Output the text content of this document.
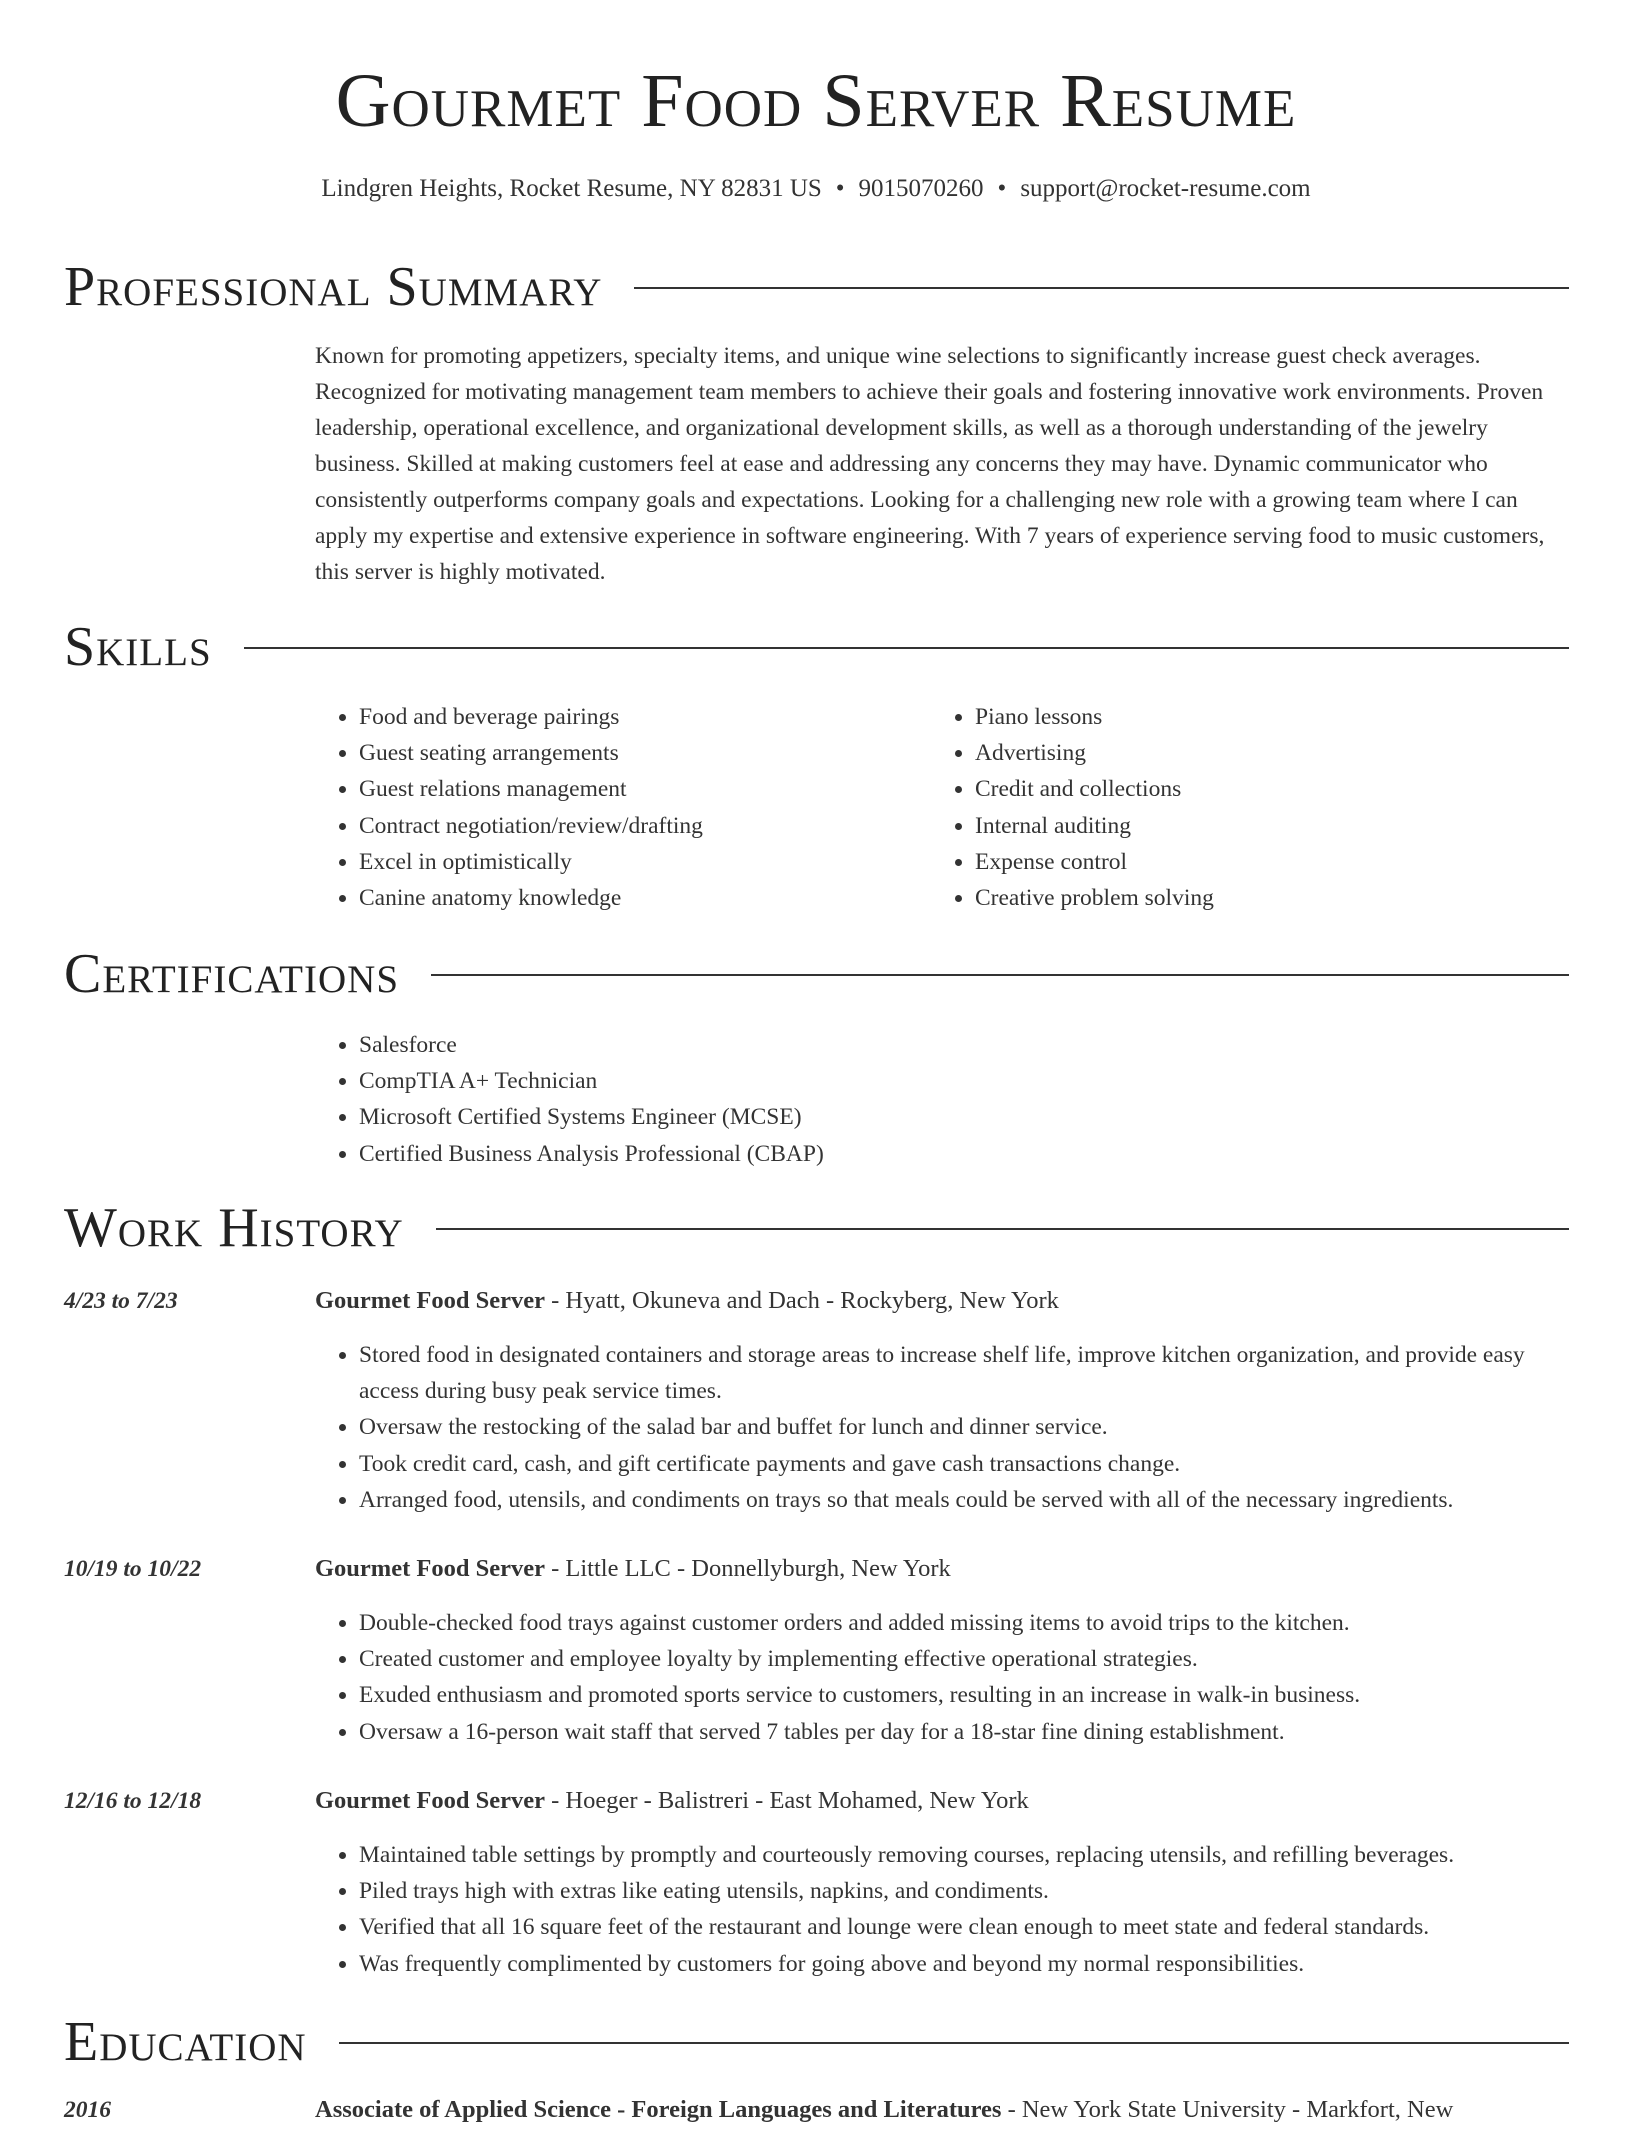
Gourmet Food Server Resume
Lindgren Heights, Rocket Resume, NY 82831 US • 9015070260 • support@rocket-resume.com
Professional Summary

Known for promoting appetizers, specialty items, and unique wine selections to significantly increase guest check averages. Recognized for motivating management team members to achieve their goals and fostering innovative work environments. Proven leadership, operational excellence, and organizational development skills, as well as a thorough understanding of the jewelry business. Skilled at making customers feel at ease and addressing any concerns they may have. Dynamic communicator who consistently outperforms company goals and expectations. Looking for a challenging new role with a growing team where I can apply my expertise and extensive experience in software engineering. With 7 years of experience serving food to music customers, this server is highly motivated.

Skills
• Food and beverage pairings
• Guest seating arrangements
• Guest relations management
• Contract negotiation/review/drafting
• Excel in optimistically
• Canine anatomy knowledge
• Piano lessons
• Advertising
• Credit and collections
• Internal auditing
• Expense control
• Creative problem solving
Certifications
• Salesforce
• CompTIA A+ Technician
• Microsoft Certified Systems Engineer (MCSE)
• Certified Business Analysis Professional (CBAP)
Work History
4/23 to 7/23	Gourmet Food Server - Hyatt, Okuneva and Dach - Rockyberg, New York
• Stored food in designated containers and storage areas to increase shelf life, improve kitchen organization, and provide easy access during busy peak service times.
• Oversaw the restocking of the salad bar and buffet for lunch and dinner service.
• Took credit card, cash, and gift certificate payments and gave cash transactions change.
• Arranged food, utensils, and condiments on trays so that meals could be served with all of the necessary ingredients.
10/19 to 10/22	Gourmet Food Server - Little LLC - Donnellyburgh, New York
• Double-checked food trays against customer orders and added missing items to avoid trips to the kitchen.
• Created customer and employee loyalty by implementing effective operational strategies.
• Exuded enthusiasm and promoted sports service to customers, resulting in an increase in walk-in business.
• Oversaw a 16-person wait staff that served 7 tables per day for a 18-star fine dining establishment.
12/16 to 12/18	Gourmet Food Server - Hoeger - Balistreri - East Mohamed, New York
• Maintained table settings by promptly and courteously removing courses, replacing utensils, and refilling beverages.
• Piled trays high with extras like eating utensils, napkins, and condiments.
• Verified that all 16 square feet of the restaurant and lounge were clean enough to meet state and federal standards.
• Was frequently complimented by customers for going above and beyond my normal responsibilities.
Education
2016	Associate of Applied Science - Foreign Languages and Literatures - New York State University - Markfort, New
